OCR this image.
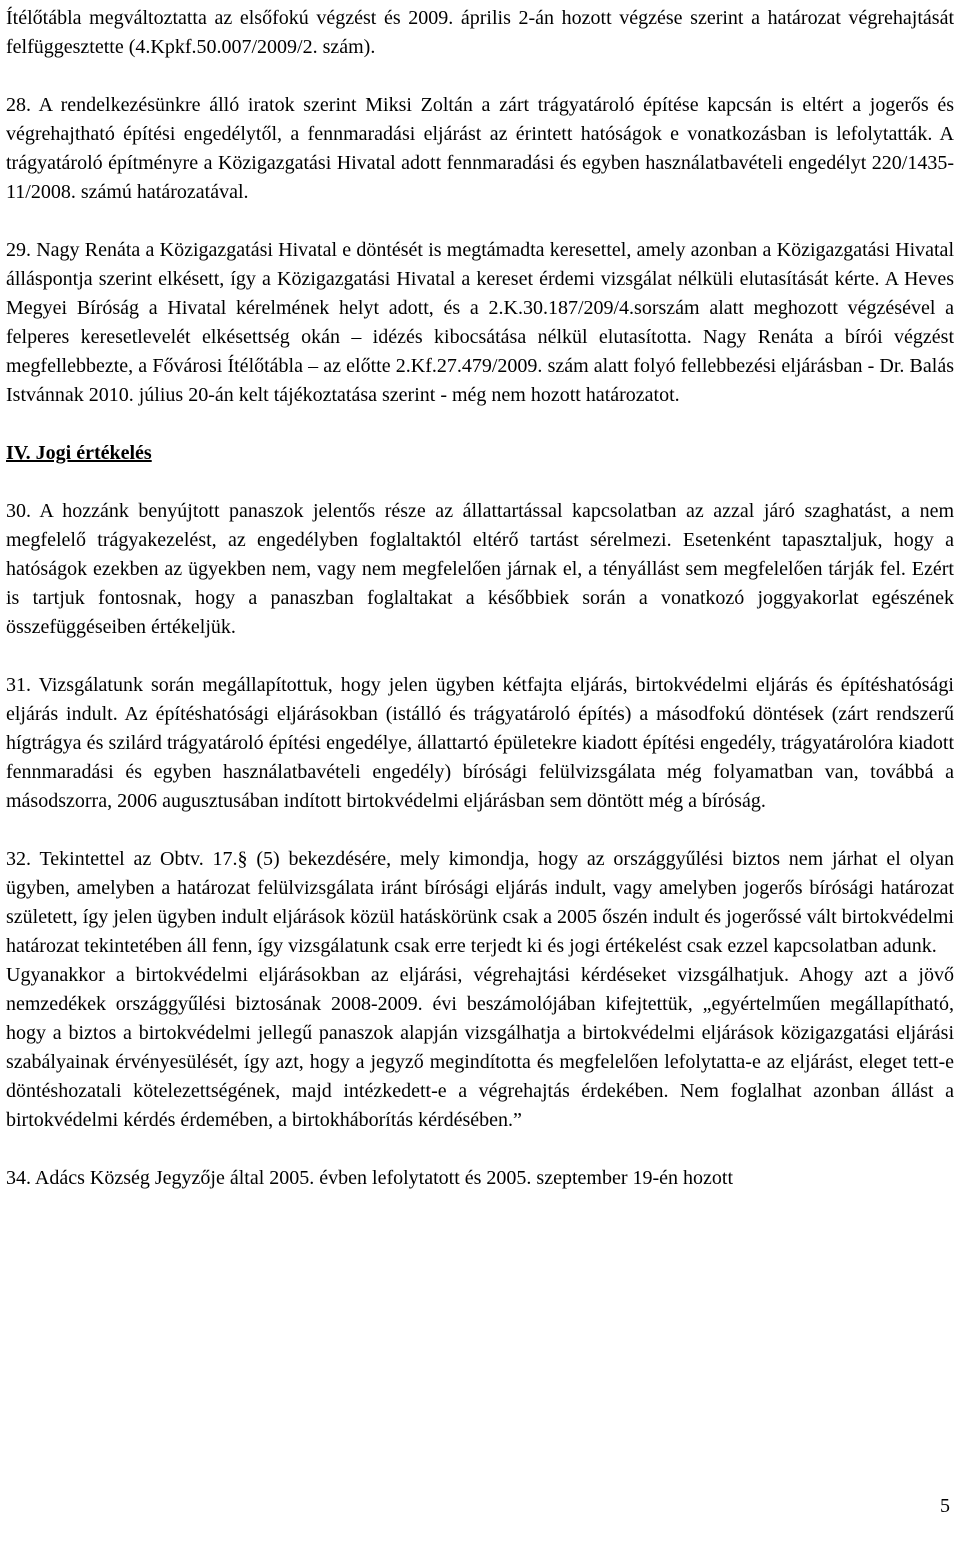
Ítélőtábla megváltoztatta az elsőfokú végzést és 2009. április 2-án hozott végzése szerint a határozat végrehajtását felfüggesztette (4.Kpkf.50.007/2009/2. szám).

28. A rendelkezésünkre álló iratok szerint Miksi Zoltán a zárt trágyatároló építése kapcsán is eltért a jogerős és végrehajtható építési engedélytől, a fennmaradási eljárást az érintett hatóságok e vonatkozásban is lefolytatták. A trágyatároló építményre a Közigazgatási Hivatal adott fennmaradási és egyben használatbavételi engedélyt 220/1435-11/2008. számú határozatával.

29. Nagy Renáta a Közigazgatási Hivatal e döntését is megtámadta keresettel, amely azonban a Közigazgatási Hivatal álláspontja szerint elkésett, így a Közigazgatási Hivatal a kereset érdemi vizsgálat nélküli elutasítását kérte. A Heves Megyei Bíróság a Hivatal kérelmének helyt adott, és a 2.K.30.187/209/4.sorszám alatt meghozott végzésével a felperes keresetlevelét elkésettség okán – idézés kibocsátása nélkül elutasította. Nagy Renáta a bírói végzést megfellebbezte, a Fővárosi Ítélőtábla – az előtte 2.Kf.27.479/2009. szám alatt folyó fellebbezési eljárásban - Dr. Balás Istvánnak 2010. július 20-án kelt tájékoztatása szerint - még nem hozott határozatot.

IV. Jogi értékelés

30. A hozzánk benyújtott panaszok jelentős része az állattartással kapcsolatban az azzal járó szaghatást, a nem megfelelő trágyakezelést, az engedélyben foglaltaktól eltérő tartást sérelmezi. Esetenként tapasztaljuk, hogy a hatóságok ezekben az ügyekben nem, vagy nem megfelelően járnak el, a tényállást sem megfelelően tárják fel. Ezért is tartjuk fontosnak, hogy a panaszban foglaltakat a későbbiek során a vonatkozó joggyakorlat egészének összefüggéseiben értékeljük.

31. Vizsgálatunk során megállapítottuk, hogy jelen ügyben kétfajta eljárás, birtokvédelmi eljárás és építéshatósági eljárás indult. Az építéshatósági eljárásokban (istálló és trágyatároló építés) a másodfokú döntések (zárt rendszerű hígtrágya és szilárd trágyatároló építési engedélye, állattartó épületekre kiadott építési engedély, trágyatárolóra kiadott fennmaradási és egyben használatbavételi engedély) bírósági felülvizsgálata még folyamatban van, továbbá a másodszorra, 2006 augusztusában indított birtokvédelmi eljárásban sem döntött még a bíróság.

32. Tekintettel az Obtv. 17.§ (5) bekezdésére, mely kimondja, hogy az országgyűlési biztos nem járhat el olyan ügyben, amelyben a határozat felülvizsgálata iránt bírósági eljárás indult, vagy amelyben jogerős bírósági határozat született, így jelen ügyben indult eljárások közül hatáskörünk csak a 2005 őszén indult és jogerőssé vált birtokvédelmi határozat tekintetében áll fenn, így vizsgálatunk csak erre terjedt ki és jogi értékelést csak ezzel kapcsolatban adunk.

Ugyanakkor a birtokvédelmi eljárásokban az eljárási, végrehajtási kérdéseket vizsgálhatjuk. Ahogy azt a jövő nemzedékek országgyűlési biztosának 2008-2009. évi beszámolójában kifejtettük, „egyértelműen megállapítható, hogy a biztos a birtokvédelmi jellegű panaszok alapján vizsgálhatja a birtokvédelmi eljárások közigazgatási eljárási szabályainak érvényesülését, így azt, hogy a jegyző megindította és megfelelően lefolytatta-e az eljárást, eleget tett-e döntéshozatali kötelezettségének, majd intézkedett-e a végrehajtás érdekében. Nem foglalhat azonban állást a birtokvédelmi kérdés érdemében, a birtokháborítás kérdésében.”

34. Adács Község Jegyzője által 2005. évben lefolytatott és 2005. szeptember 19-én hozott

5
